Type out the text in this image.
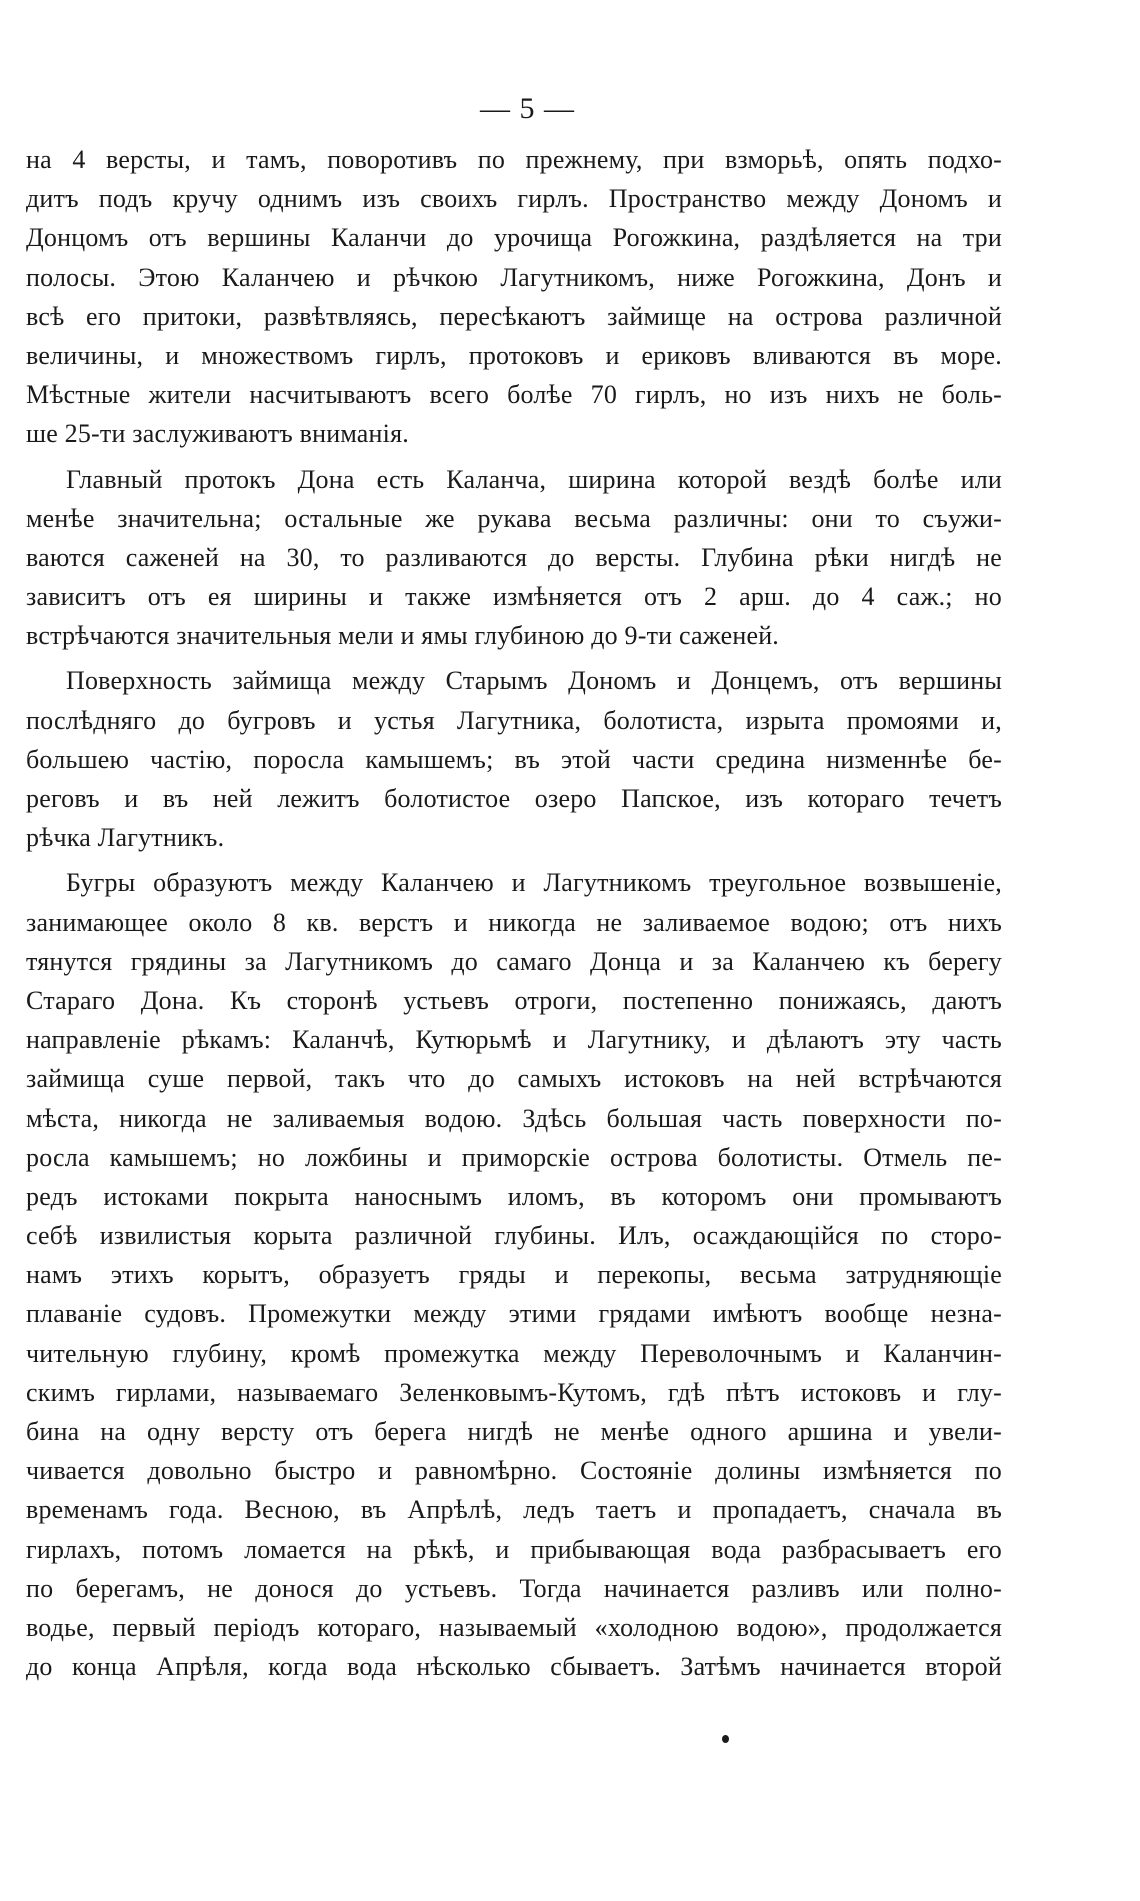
— 5 —
на 4 версты, и тамъ, поворотивъ по прежнему, при взморьѣ, опять подхо-
дитъ подъ кручу однимъ изъ своихъ гирлъ. Пространство между Дономъ и
Донцомъ отъ вершины Каланчи до урочища Рогожкина, раздѣляется на три
полосы. Этою Каланчею и рѣчкою Лагутникомъ, ниже Рогожкина, Донъ и
всѣ его притоки, развѣтвляясь, пересѣкаютъ займище на острова различной
величины, и множествомъ гирлъ, протоковъ и ериковъ вливаются въ море.
Мѣстные жители насчитываютъ всего болѣе 70 гирлъ, но изъ нихъ не боль-
ше 25-ти заслуживаютъ вниманія.
Главный протокъ Дона есть Каланча, ширина которой вездѣ болѣе или
менѣе значительна; остальные же рукава весьма различны: они то съужи-
ваются саженей на 30, то разливаются до версты. Глубина рѣки нигдѣ не
зависитъ отъ ея ширины и также измѣняется отъ 2 арш. до 4 саж.; но
встрѣчаются значительныя мели и ямы глубиною до 9-ти саженей.
Поверхность займища между Старымъ Дономъ и Донцемъ, отъ вершины
послѣдняго до бугровъ и устья Лагутника, болотиста, изрыта промоями и,
большею частію, поросла камышемъ; въ этой части средина низменнѣе бе-
реговъ и въ ней лежитъ болотистое озеро Папское, изъ котораго течетъ
рѣчка Лагутникъ.
Бугры образуютъ между Каланчею и Лагутникомъ треугольное возвышеніе,
занимающее около 8 кв. верстъ и никогда не заливаемое водою; отъ нихъ
тянутся грядины за Лагутникомъ до самаго Донца и за Каланчею къ берегу
Стараго Дона. Къ сторонѣ устьевъ отроги, постепенно понижаясь, даютъ
направленіе рѣкамъ: Каланчѣ, Кутюрьмѣ и Лагутнику, и дѣлаютъ эту часть
займища суше первой, такъ что до самыхъ истоковъ на ней встрѣчаются
мѣста, никогда не заливаемыя водою. Здѣсь большая часть поверхности по-
росла камышемъ; но ложбины и приморскіе острова болотисты. Отмель пе-
редъ истоками покрыта наноснымъ иломъ, въ которомъ они промываютъ
себѣ извилистыя корыта различной глубины. Илъ, осаждающійся по сторо-
намъ этихъ корытъ, образуетъ гряды и перекопы, весьма затрудняющіе
плаваніе судовъ. Промежутки между этими грядами имѣютъ вообще незна-
чительную глубину, кромѣ промежутка между Переволочнымъ и Каланчин-
скимъ гирлами, называемаго Зеленковымъ-Кутомъ, гдѣ пѣтъ истоковъ и глу-
бина на одну версту отъ берега нигдѣ не менѣе одного аршина и увели-
чивается довольно быстро и равномѣрно. Состояніе долины измѣняется по
временамъ года. Весною, въ Апрѣлѣ, ледъ таетъ и пропадаетъ, сначала въ
гирлахъ, потомъ ломается на рѣкѣ, и прибывающая вода разбрасываетъ его
по берегамъ, не донося до устьевъ. Тогда начинается разливъ или полно-
водье, первый періодъ котораго, называемый «холодною водою», продолжается
до конца Апрѣля, когда вода нѣсколько сбываетъ. Затѣмъ начинается второй
